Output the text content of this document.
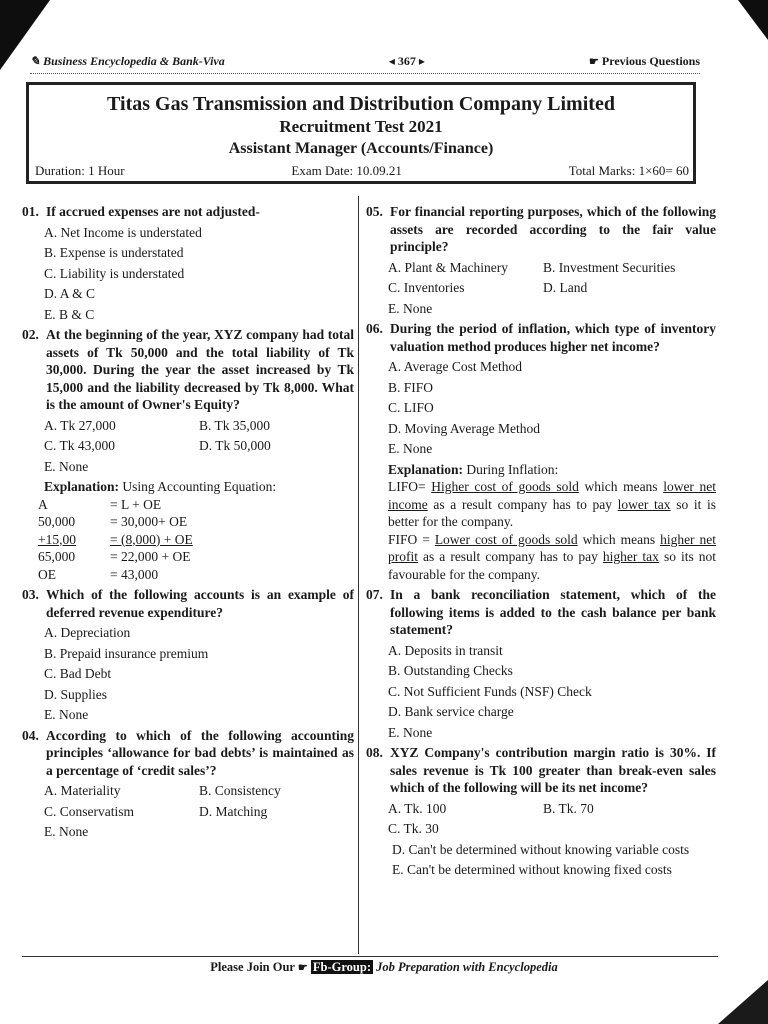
✎ Business Encyclopedia & Bank-Viva	◂ 367 ▸	☛ Previous Questions
Titas Gas Transmission and Distribution Company Limited
Recruitment Test 2021
Assistant Manager (Accounts/Finance)
Duration: 1 Hour	Exam Date: 10.09.21	Total Marks: 1×60= 60
01. If accrued expenses are not adjusted-
A. Net Income is understated
B. Expense is understated
C. Liability is understated
D. A & C
E. B & C
02. At the beginning of the year, XYZ company had total assets of Tk 50,000 and the total liability of Tk 30,000. During the year the asset increased by Tk 15,000 and the liability decreased by Tk 8,000. What is the amount of Owner's Equity?
A. Tk 27,000	B. Tk 35,000
C. Tk 43,000	D. Tk 50,000
E. None
Explanation: Using Accounting Equation:
A	= L + OE
50,000	= 30,000+ OE
+15,00	= (8,000) + OE
65,000	= 22,000 + OE
OE	= 43,000
03. Which of the following accounts is an example of deferred revenue expenditure?
A. Depreciation
B. Prepaid insurance premium
C. Bad Debt
D. Supplies
E. None
04. According to which of the following accounting principles ‘allowance for bad debts’ is maintained as a percentage of ‘credit sales’?
A. Materiality	B. Consistency
C. Conservatism	D. Matching
E. None
05. For financial reporting purposes, which of the following assets are recorded according to the fair value principle?
A. Plant & Machinery	B. Investment Securities
C. Inventories	D. Land
E. None
06. During the period of inflation, which type of inventory valuation method produces higher net income?
A. Average Cost Method
B. FIFO
C. LIFO
D. Moving Average Method
E. None
Explanation: During Inflation:
LIFO= Higher cost of goods sold which means lower net income as a result company has to pay lower tax so it is better for the company.
FIFO = Lower cost of goods sold which means higher net profit as a result company has to pay higher tax so its not favourable for the company.
07. In a bank reconciliation statement, which of the following items is added to the cash balance per bank statement?
A. Deposits in transit
B. Outstanding Checks
C. Not Sufficient Funds (NSF) Check
D. Bank service charge
E. None
08. XYZ Company's contribution margin ratio is 30%. If sales revenue is Tk 100 greater than break-even sales which of the following will be its net income?
A. Tk. 100	B. Tk. 70
C. Tk. 30
D. Can't be determined without knowing variable costs
E. Can't be determined without knowing fixed costs
Please Join Our ☛ Fb-Group: Job Preparation with Encyclopedia
